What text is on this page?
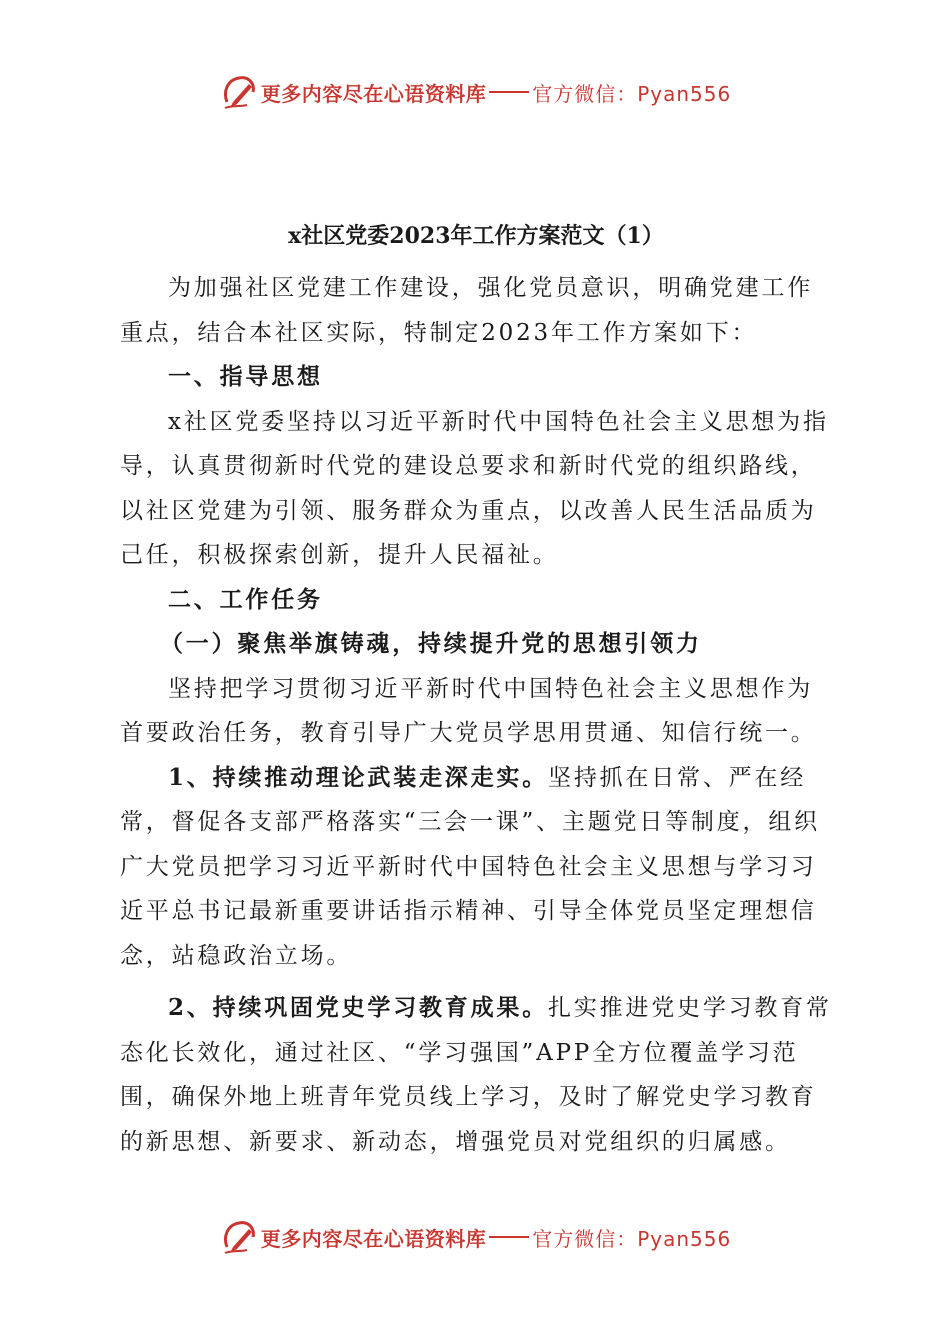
更多内容尽在心语资料库 官方微信：Pyan556
x社区党委2023年工作方案范文（1）

为加强社区党建工作建设，强化党员意识，明确党建工作重点，结合本社区实际，特制定2023年工作方案如下：

一、指导思想

x社区党委坚持以习近平新时代中国特色社会主义思想为指导，认真贯彻新时代党的建设总要求和新时代党的组织路线，以社区党建为引领、服务群众为重点，以改善人民生活品质为己任，积极探索创新，提升人民福祉。

二、工作任务

（一）聚焦举旗铸魂，持续提升党的思想引领力

坚持把学习贯彻习近平新时代中国特色社会主义思想作为首要政治任务，教育引导广大党员学思用贯通、知信行统一。

1、持续推动理论武装走深走实。坚持抓在日常、严在经常，督促各支部严格落实“三会一课”、主题党日等制度，组织广大党员把学习习近平新时代中国特色社会主义思想与学习习近平总书记最新重要讲话指示精神、引导全体党员坚定理想信念，站稳政治立场。

2、持续巩固党史学习教育成果。扎实推进党史学习教育常态化长效化，通过社区、“学习强国”APP全方位覆盖学习范围，确保外地上班青年党员线上学习，及时了解党史学习教育的新思想、新要求、新动态，增强党员对党组织的归属感。

更多内容尽在心语资料库 官方微信：Pyan556
